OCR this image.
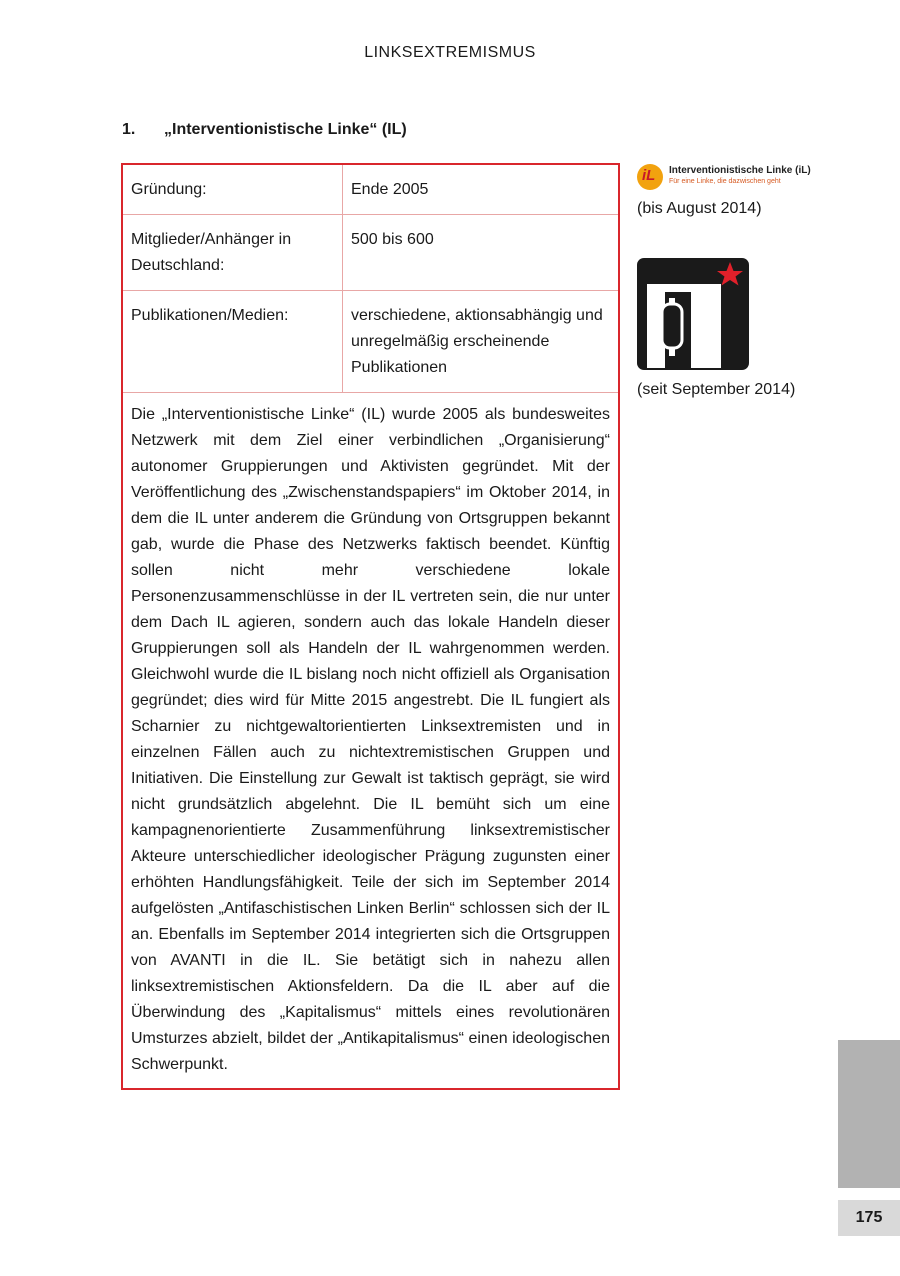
LINKSEXTREMISMUS
1. „Interventionistische Linke“ (IL)
Gründung:	Ende 2005
Mitglieder/Anhänger in Deutschland:
500 bis 600
Publikationen/Medien:	verschiedene, aktionsabhängig und unregelmäßig erscheinende Publikationen
Die „Interventionistische Linke“ (IL) wurde 2005 als bundesweites Netzwerk mit dem Ziel einer verbindlichen „Organisierung“ autonomer Gruppierungen und Aktivisten gegründet. Mit der Veröffentlichung des „Zwischenstandspapiers“ im Oktober 2014, in dem die IL unter anderem die Gründung von Ortsgruppen bekannt gab, wurde die Phase des Netzwerks faktisch beendet. Künftig sollen nicht mehr verschiedene lokale Personenzusammenschlüsse in der IL vertreten sein, die nur unter dem Dach IL agieren, sondern auch das lokale Handeln dieser Gruppierungen soll als Handeln der IL wahrgenommen werden. Gleichwohl wurde die IL bislang noch nicht offiziell als Organisation gegründet; dies wird für Mitte 2015 angestrebt. Die IL fungiert als Scharnier zu nichtgewaltorientierten Linksextremisten und in einzelnen Fällen auch zu nichtextremistischen Gruppen und Initiativen. Die Einstellung zur Gewalt ist taktisch geprägt, sie wird nicht grundsätzlich abgelehnt. Die IL bemüht sich um eine kampagnenorientierte Zusammenführung linksextremistischer Akteure unterschiedlicher ideologischer Prägung zugunsten einer erhöhten Handlungsfähigkeit. Teile der sich im September 2014 aufgelösten „Antifaschistischen Linken Berlin“ schlossen sich der IL an. Ebenfalls im September 2014 integrierten sich die Ortsgruppen von AVANTI in die IL. Sie betätigt sich in nahezu allen linksextremistischen Aktionsfeldern. Da die IL aber auf die Überwindung des „Kapitalismus“ mittels eines revolutionären Umsturzes abzielt, bildet der „Antikapitalismus“ einen ideologischen Schwerpunkt.
iL Interventionistische Linke (iL)
Für eine Linke, die dazwischen geht
(bis August 2014)
(seit September 2014)
175
